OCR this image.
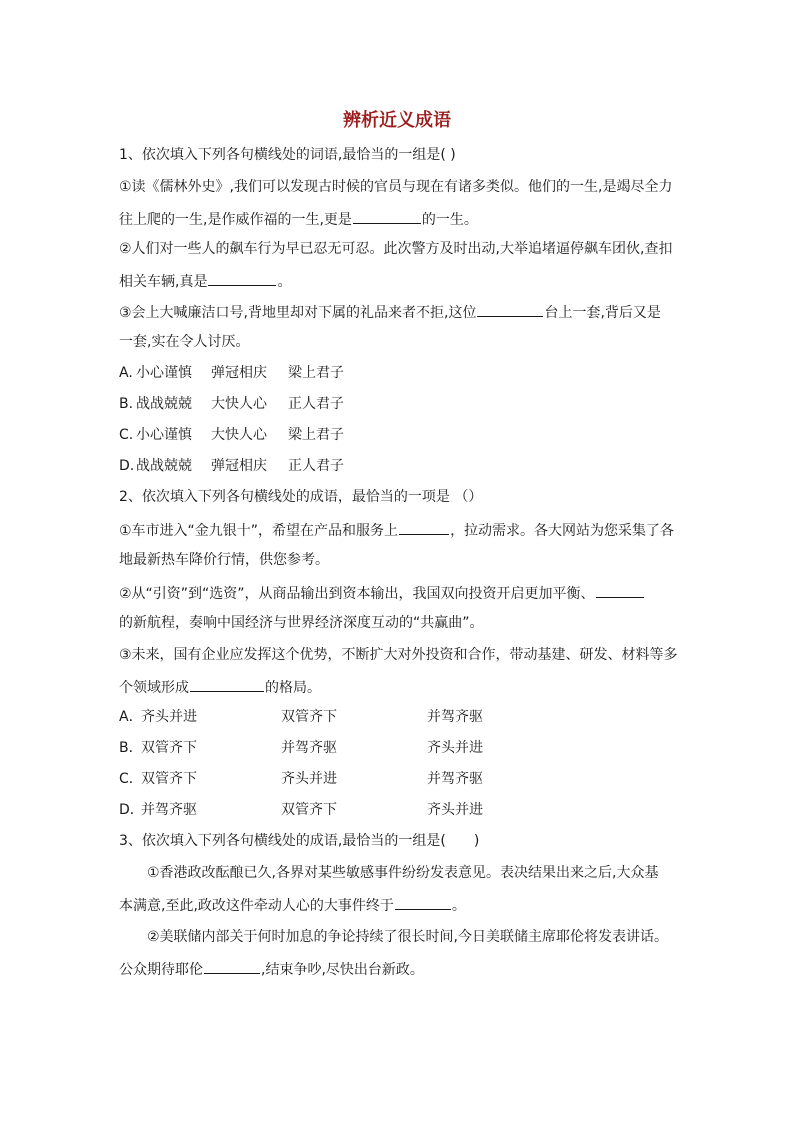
辨析近义成语
1、依次填入下列各句横线处的词语,最恰当的一组是( )
①读《儒林外史》,我们可以发现古时候的官员与现在有诸多类似。他们的一生,是竭尽全力
往上爬的一生,是作威作福的一生,更是	的一生。
②人们对一些人的飙车行为早已忍无可忍。此次警方及时出动,大举追堵逼停飙车团伙,查扣
相关车辆,真是	。
③会上大喊廉洁口号,背地里却对下属的礼品来者不拒,这位	台上一套,背后又是
一套,实在令人讨厌。
A. 小心谨慎 弹冠相庆 梁上君子
B. 战战兢兢 大快人心 正人君子
C. 小心谨慎 大快人心 梁上君子
D. 战战兢兢 弹冠相庆 正人君子
2、依次填入下列各句横线处的成语，最恰当的一项是 （）
①车市进入“金九银十”，希望在产品和服务上	，拉动需求。各大网站为您采集了各
地最新热车降价行情，供您参考。
②从“引资”到“选资”，从商品输出到资本输出，我国双向投资开启更加平衡、
的新航程，奏响中国经济与世界经济深度互动的“共赢曲”。
③未来，国有企业应发挥这个优势，不断扩大对外投资和合作，带动基建、研发、材料等多
个领域形成	的格局。
A．
齐头并进	双管齐下	并驾齐驱
B．
双管齐下	并驾齐驱	齐头并进
C．
双管齐下	齐头并进	并驾齐驱
D．
并驾齐驱	双管齐下	齐头并进
3、依次填入下列各句横线处的成语,最恰当的一组是(　　)
①香港政改酝酿已久,各界对某些敏感事件纷纷发表意见。表决结果出来之后,大众基
本满意,至此,政改这件牵动人心的大事件终于	。
②美联储内部关于何时加息的争论持续了很长时间,今日美联储主席耶伦将发表讲话。
公众期待耶伦	,结束争吵,尽快出台新政。
